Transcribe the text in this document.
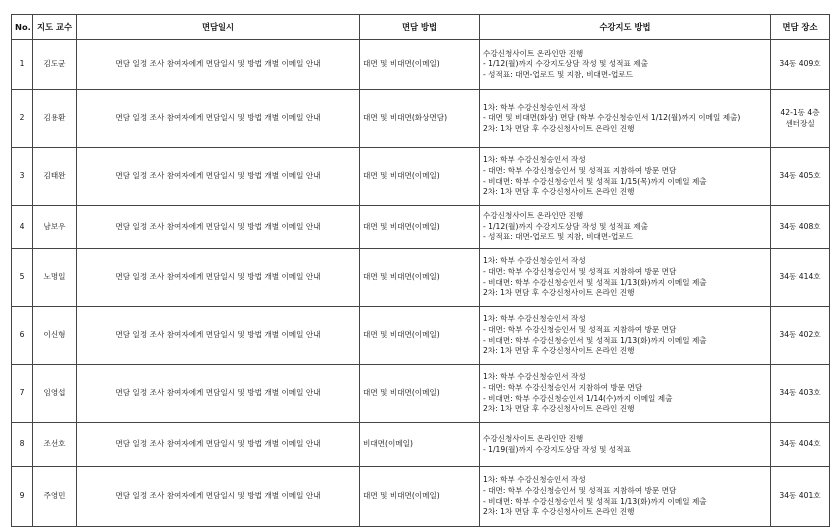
No.	지도 교수	면담일시	면담 방법	수강지도 방법	면담 장소
1	김도균	면담 일정 조사 참여자에게 면담일시 및 방법 개별 이메일 안내	대면 및 비대면(이메일)	수강신청사이트 온라인만 진행
- 1/12(월)까지 수강지도상담 작성 및 성적표 제출
- 성적표: 대면-업로드 및 지참, 비대면-업로드	34동 409호

2	김용환	면담 일정 조사 참여자에게 면담일시 및 방법 개별 이메일 안내	대면 및 비대면(화상면담)	1차: 학부 수강신청승인서 작성
- 대면 및 비대면(화상) 면담 (학부 수강신청승인서 1/12(월)까지 이메일 제출)
2차: 1차 면담 후 수강신청사이트 온라인 진행	42-1동 4층
센터장실

3	김태완	면담 일정 조사 참여자에게 면담일시 및 방법 개별 이메일 안내	대면 및 비대면(이메일)	1차: 학부 수강신청승인서 작성
- 대면: 학부 수강신청승인서 및 성적표 지참하여 방문 면담
- 비대면: 학부 수강신청승인서 및 성적표 1/15(목)까지 이메일 제출
2차: 1차 면담 후 수강신청사이트 온라인 진행	34동 405호

4	남보우	면담 일정 조사 참여자에게 면담일시 및 방법 개별 이메일 안내	대면 및 비대면(이메일)	수강신청사이트 온라인만 진행
- 1/12(월)까지 수강지도상담 작성 및 성적표 제출
- 성적표: 대면-업로드 및 지참, 비대면-업로드	34동 408호

5	노명일	면담 일정 조사 참여자에게 면담일시 및 방법 개별 이메일 안내	대면 및 비대면(이메일)	1차: 학부 수강신청승인서 작성
- 대면: 학부 수강신청승인서 및 성적표 지참하여 방문 면담
- 비대면: 학부 수강신청승인서 및 성적표 1/13(화)까지 이메일 제출
2차: 1차 면담 후 수강신청사이트 온라인 진행	34동 414호

6	이신형	면담 일정 조사 참여자에게 면담일시 및 방법 개별 이메일 안내	대면 및 비대면(이메일)	1차: 학부 수강신청승인서 작성
- 대면: 학부 수강신청승인서 및 성적표 지참하여 방문 면담
- 비대면: 학부 수강신청승인서 및 성적표 1/13(화)까지 이메일 제출
2차: 1차 면담 후 수강신청사이트 온라인 진행	34동 402호

7	임영섭	면담 일정 조사 참여자에게 면담일시 및 방법 개별 이메일 안내	대면 및 비대면(이메일)	1차: 학부 수강신청승인서 작성
- 대면: 학부 수강신청승인서 지참하여 방문 면담
- 비대면: 학부 수강신청승인서 1/14(수)까지 이메일 제출
2차: 1차 면담 후 수강신청사이트 온라인 진행	34동 403호

8	조선호	면담 일정 조사 참여자에게 면담일시 및 방법 개별 이메일 안내	비대면(이메일)	수강신청사이트 온라인만 진행
- 1/19(월)까지 수강지도상담 작성 및 성적표	34동 404호

9	주영민	면담 일정 조사 참여자에게 면담일시 및 방법 개별 이메일 안내	대면 및 비대면(이메일)	1차: 학부 수강신청승인서 작성
- 대면: 학부 수강신청승인서 및 성적표 지참하여 방문 면담
- 비대면: 학부 수강신청승인서 및 성적표 1/13(화)까지 이메일 제출
2차: 1차 면담 후 수강신청사이트 온라인 진행	34동 401호
